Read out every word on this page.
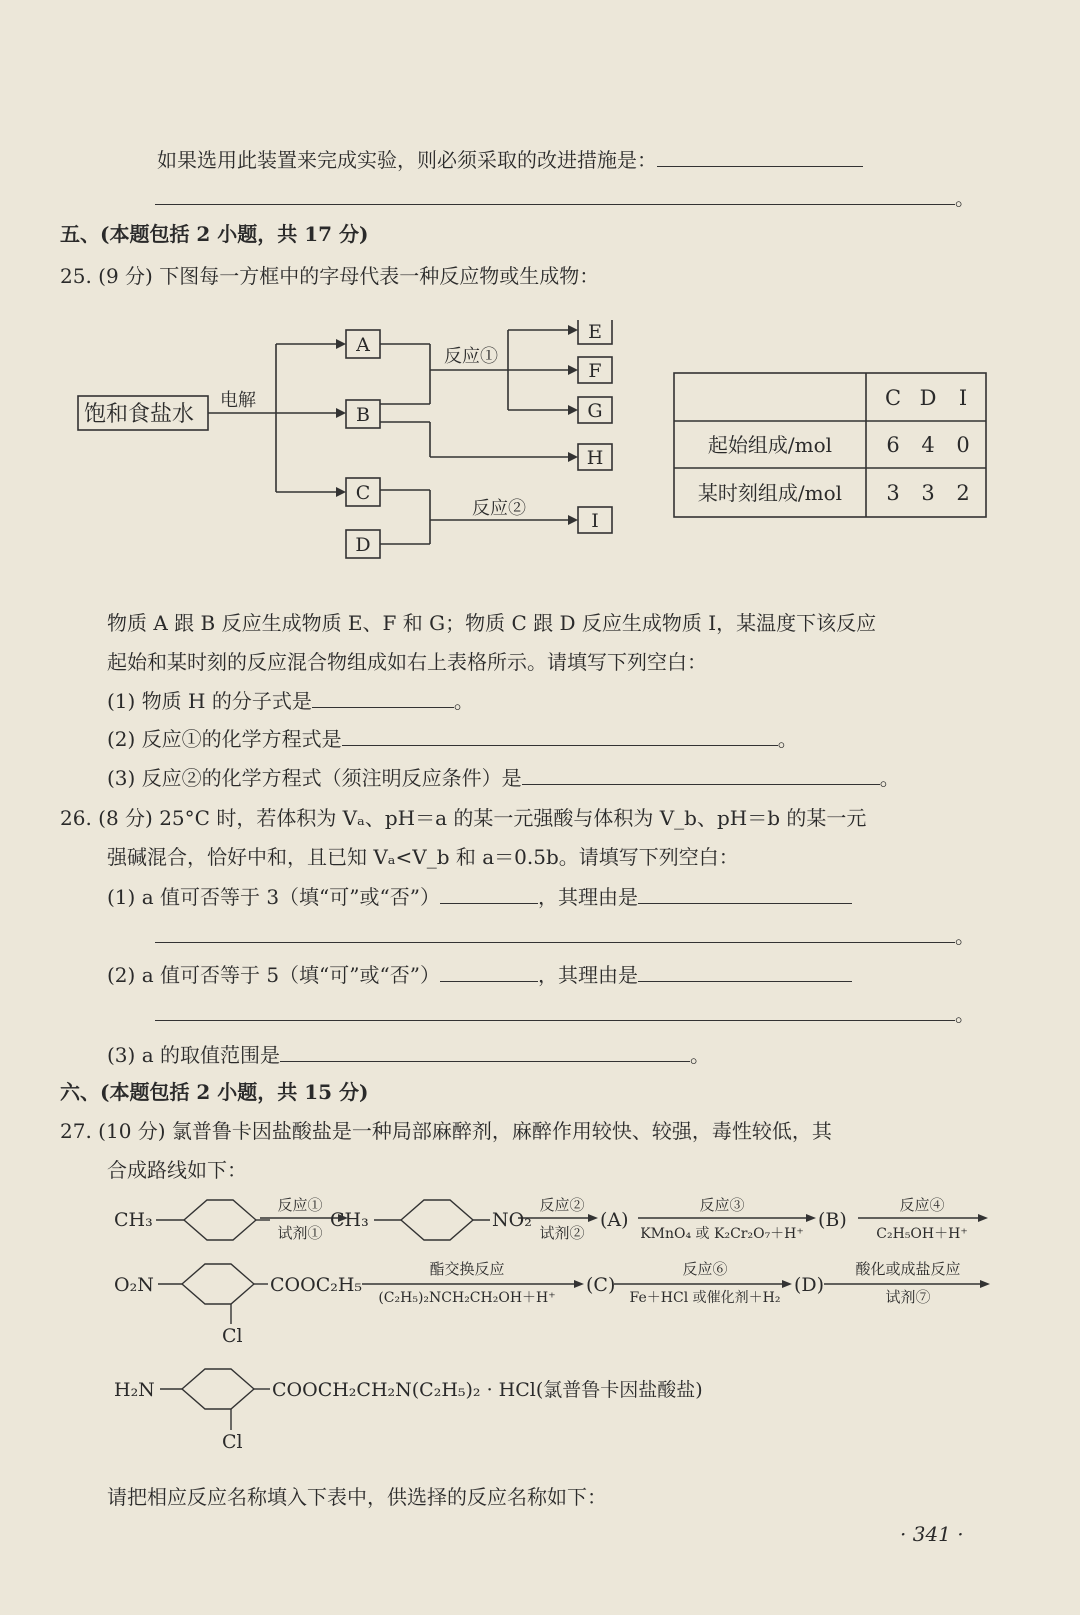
如果选用此装置来完成实验，则必须采取的改进措施是：
。
五、(本题包括 2 小题，共 17 分)
25. (9 分) 下图每一方框中的字母代表一种反应物或生成物：
饱和食盐水
电解
反应①
反应②
A
B
C
D
E
F
G
H
I
C D I
起始组成/mol	6 4 0
某时刻组成/mol 3 3 2
物质 A 跟 B 反应生成物质 E、F 和 G；物质 C 跟 D 反应生成物质 I，某温度下该反应
起始和某时刻的反应混合物组成如右上表格所示。请填写下列空白：
(1) 物质 H 的分子式是	。
(2) 反应①的化学方程式是	。
(3) 反应②的化学方程式（须注明反应条件）是	。
26. (8 分) 25°C 时，若体积为 Vₐ、pH＝a 的某一元强酸与体积为 V_b、pH＝b 的某一元
强碱混合，恰好中和，且已知 Vₐ<V_b 和 a＝0.5b。请填写下列空白：
(1) a 值可否等于 3（填“可”或“否”）	，其理由是
。
(2) a 值可否等于 5（填“可”或“否”）	，其理由是
。
(3) a 的取值范围是	。
六、(本题包括 2 小题，共 15 分)
27. (10 分) 氯普鲁卡因盐酸盐是一种局部麻醉剂，麻醉作用较快、较强，毒性较低，其
合成路线如下：
CH₃
反应①
试剂①
CH₃	NO₂
反应②
试剂②
(A)
反应③
KMnO₄ 或 K₂Cr₂O₇＋H⁺
(B)
反应④
C₂H₅OH＋H⁺
O₂N	COOC₂H₅
酯交换反应
(C₂H₅)₂NCH₂CH₂OH＋H⁺
(C)
反应⑥
Fe＋HCl 或催化剂＋H₂
(D)
酸化或成盐反应
试剂⑦
Cl
H₂N	COOCH₂CH₂N(C₂H₅)₂ · HCl(氯普鲁卡因盐酸盐)
Cl
请把相应反应名称填入下表中，供选择的反应名称如下：
· 341 ·
